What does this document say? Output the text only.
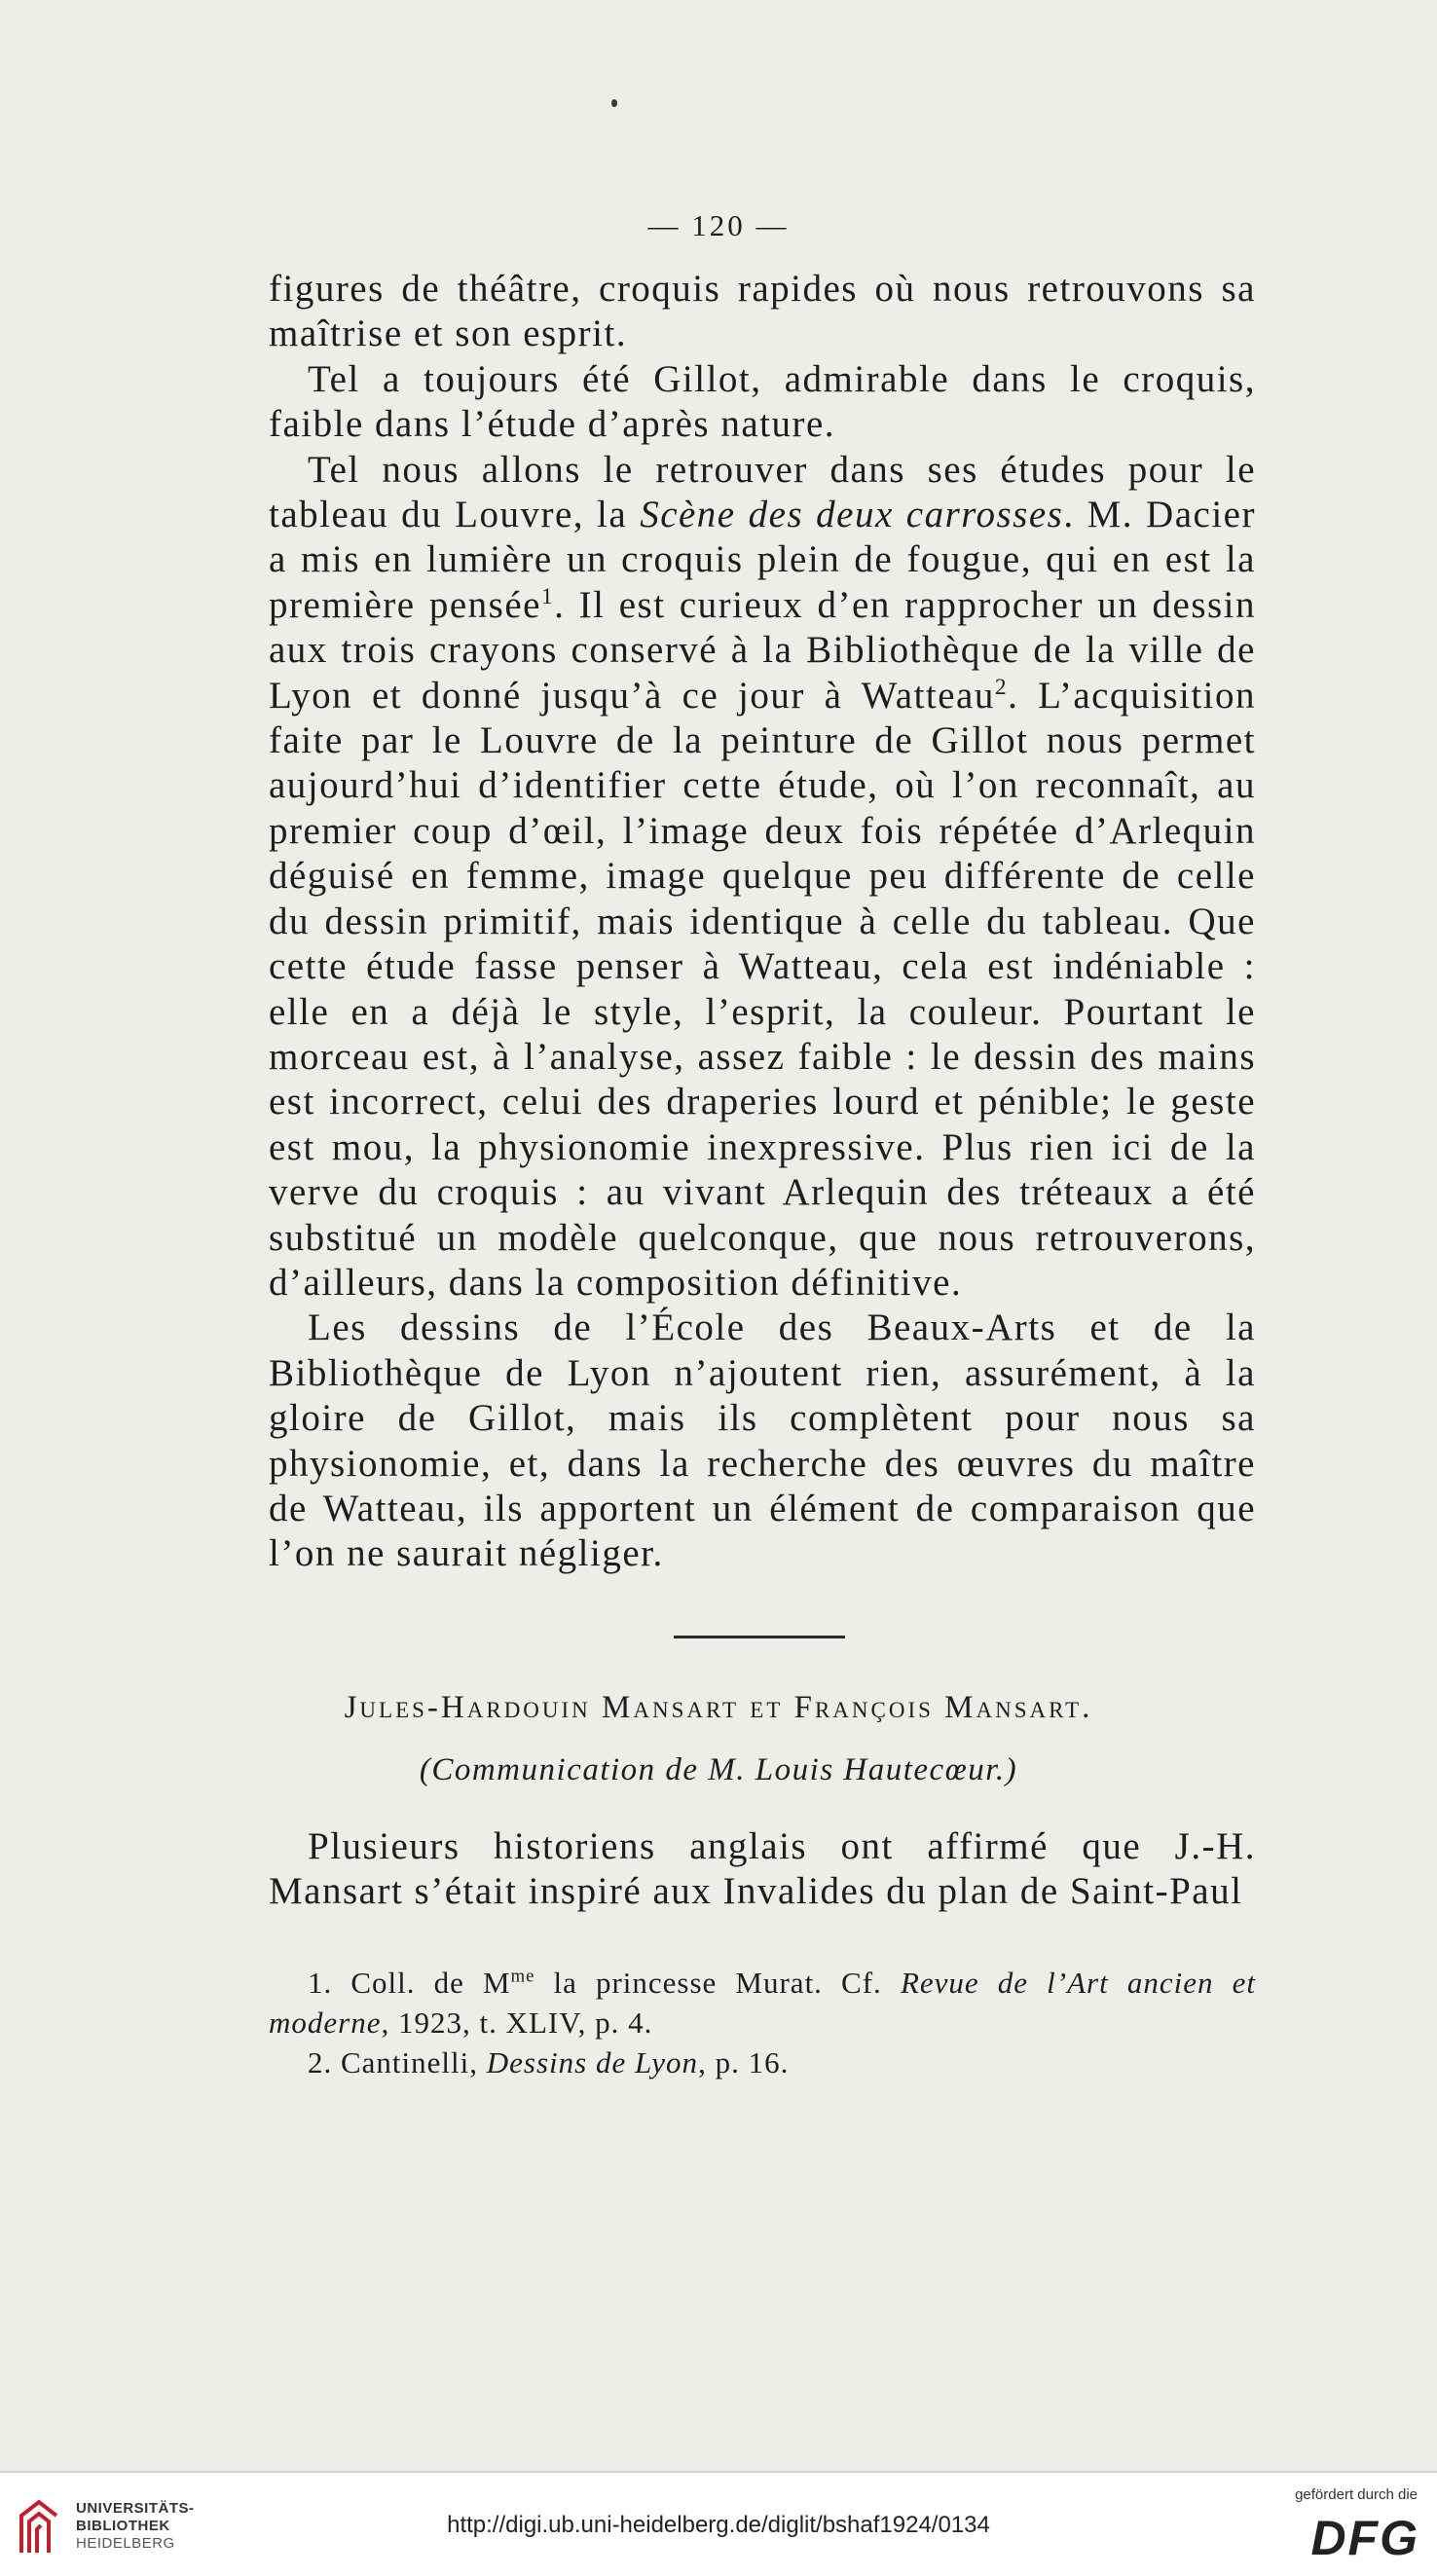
— 120 —

figures de théâtre, croquis rapides où nous retrouvons sa maîtrise et son esprit.

Tel a toujours été Gillot, admirable dans le croquis, faible dans l’étude d’après nature.

Tel nous allons le retrouver dans ses études pour le tableau du Louvre, la Scène des deux carrosses. M. Dacier a mis en lumière un croquis plein de fougue, qui en est la première pensée$^1$. Il est curieux d’en rapprocher un dessin aux trois crayons conservé à la Bibliothèque de la ville de Lyon et donné jusqu’à ce jour à Watteau$^2$. L’acquisition faite par le Louvre de la peinture de Gillot nous permet aujourd’hui d’identifier cette étude, où l’on reconnaît, au premier coup d’œil, l’image deux fois répétée d’Arlequin déguisé en femme, image quelque peu différente de celle du dessin primitif, mais identique à celle du tableau. Que cette étude fasse penser à Watteau, cela est indéniable : elle en a déjà le style, l’esprit, la couleur. Pourtant le morceau est, à l’analyse, assez faible : le dessin des mains est incorrect, celui des draperies lourd et pénible; le geste est mou, la physionomie inexpressive. Plus rien ici de la verve du croquis : au vivant Arlequin des tréteaux a été substitué un modèle quelconque, que nous retrouverons, d’ailleurs, dans la composition définitive.

Les dessins de l’École des Beaux-Arts et de la Bibliothèque de Lyon n’ajoutent rien, assurément, à la gloire de Gillot, mais ils complètent pour nous sa physionomie, et, dans la recherche des œuvres du maître de Watteau, ils apportent un élément de comparaison que l’on ne saurait négliger.

Jules-Hardouin Mansart et François Mansart.
(Communication de M. Louis Hautecœur.)

Plusieurs historiens anglais ont affirmé que J.-H. Mansart s’était inspiré aux Invalides du plan de Saint-Paul

1. Coll. de $M^{me}$ la princesse Murat. Cf. Revue de l’Art ancien et moderne, 1923, t. XLIV, p. 4.

2. Cantinelli, Dessins de Lyon, p. 16.

UNIVERSITÄTS-
BIBLIOTHEK
HEIDELBERG
http://digi.ub.uni-heidelberg.de/diglit/bshaf1924/0134
gefördert durch die
DFG
